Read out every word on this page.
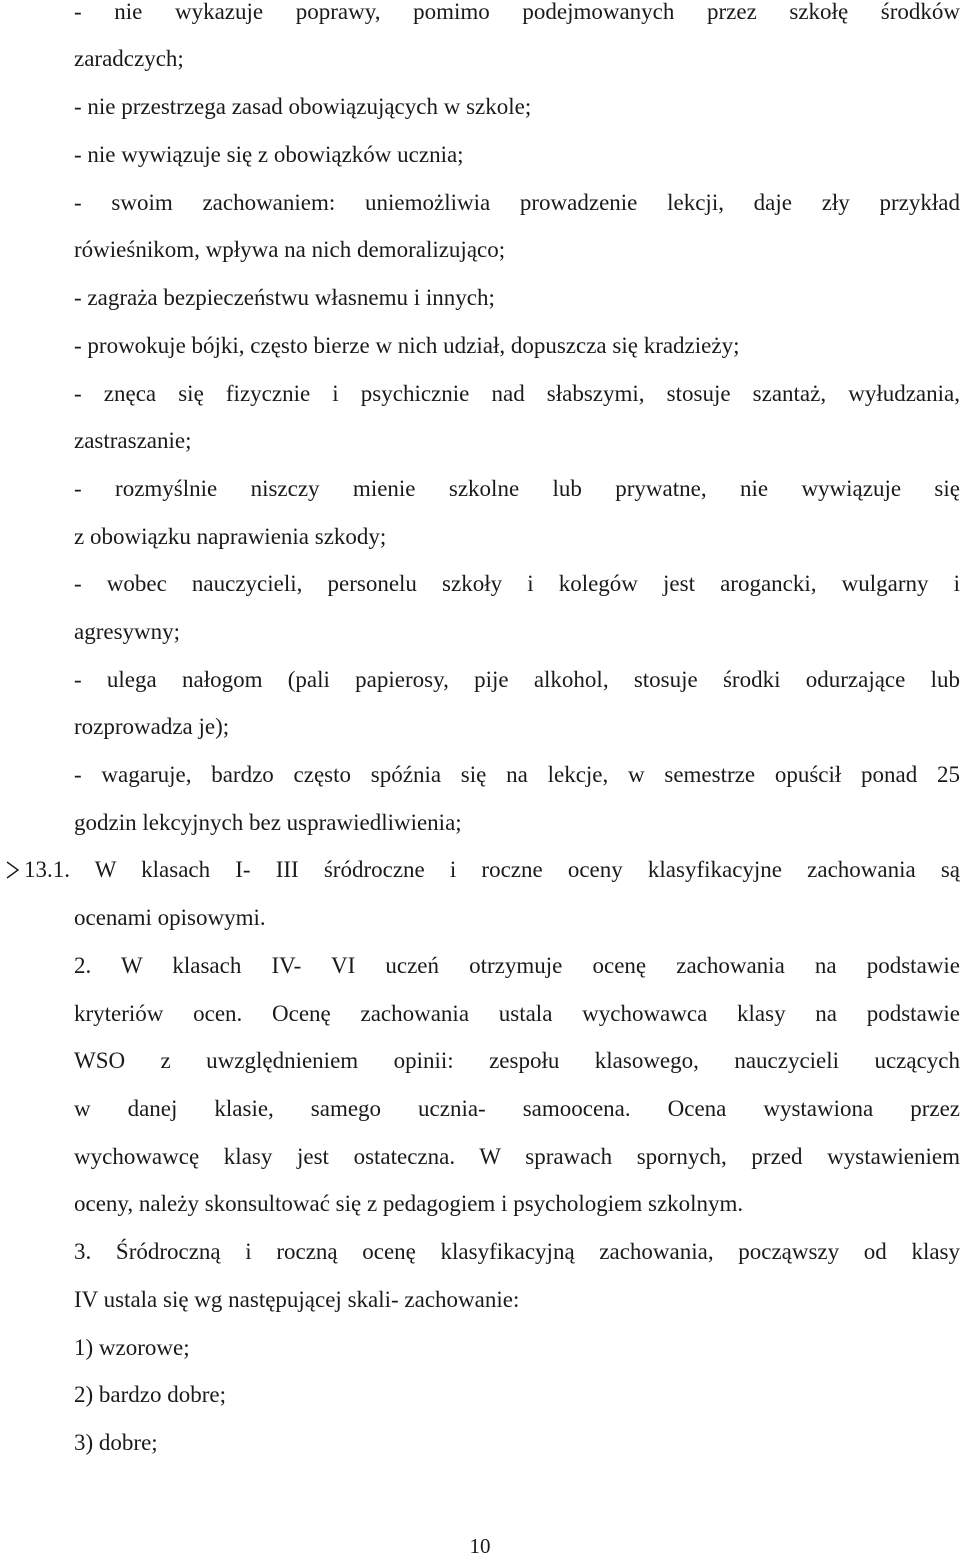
- nie wykazuje poprawy, pomimo podejmowanych przez szkołę środków
zaradczych;
- nie przestrzega zasad obowiązujących w szkole;
- nie wywiązuje się z obowiązków ucznia;
- swoim zachowaniem: uniemożliwia prowadzenie lekcji, daje zły przykład
rówieśnikom, wpływa na nich demoralizująco;
- zagraża bezpieczeństwu własnemu i innych;
- prowokuje bójki, często bierze w nich udział, dopuszcza się kradzieży;
- znęca się fizycznie i psychicznie nad słabszymi, stosuje szantaż, wyłudzania,
zastraszanie;
- rozmyślnie niszczy mienie szkolne lub prywatne, nie wywiązuje się
z obowiązku naprawienia szkody;
- wobec nauczycieli, personelu szkoły i kolegów jest arogancki, wulgarny i
agresywny;
- ulega nałogom (pali papierosy, pije alkohol, stosuje środki odurzające lub
rozprowadza je);
- wagaruje, bardzo często spóźnia się na lekcje, w semestrze opuścił ponad 25
godzin lekcyjnych bez usprawiedliwienia;
13.1. W klasach I- III śródroczne i roczne oceny klasyfikacyjne zachowania są
ocenami opisowymi.
2. W klasach IV- VI uczeń otrzymuje ocenę zachowania na podstawie
kryteriów ocen. Ocenę zachowania ustala wychowawca klasy na podstawie
WSO z uwzględnieniem opinii: zespołu klasowego, nauczycieli uczących
w danej klasie, samego ucznia- samoocena. Ocena wystawiona przez
wychowawcę klasy jest ostateczna. W sprawach spornych, przed wystawieniem
oceny, należy skonsultować się z pedagogiem i psychologiem szkolnym.
3. Śródroczną i roczną ocenę klasyfikacyjną zachowania, począwszy od klasy
IV ustala się wg następującej skali- zachowanie:
1) wzorowe;
2) bardzo dobre;
3) dobre;
10
